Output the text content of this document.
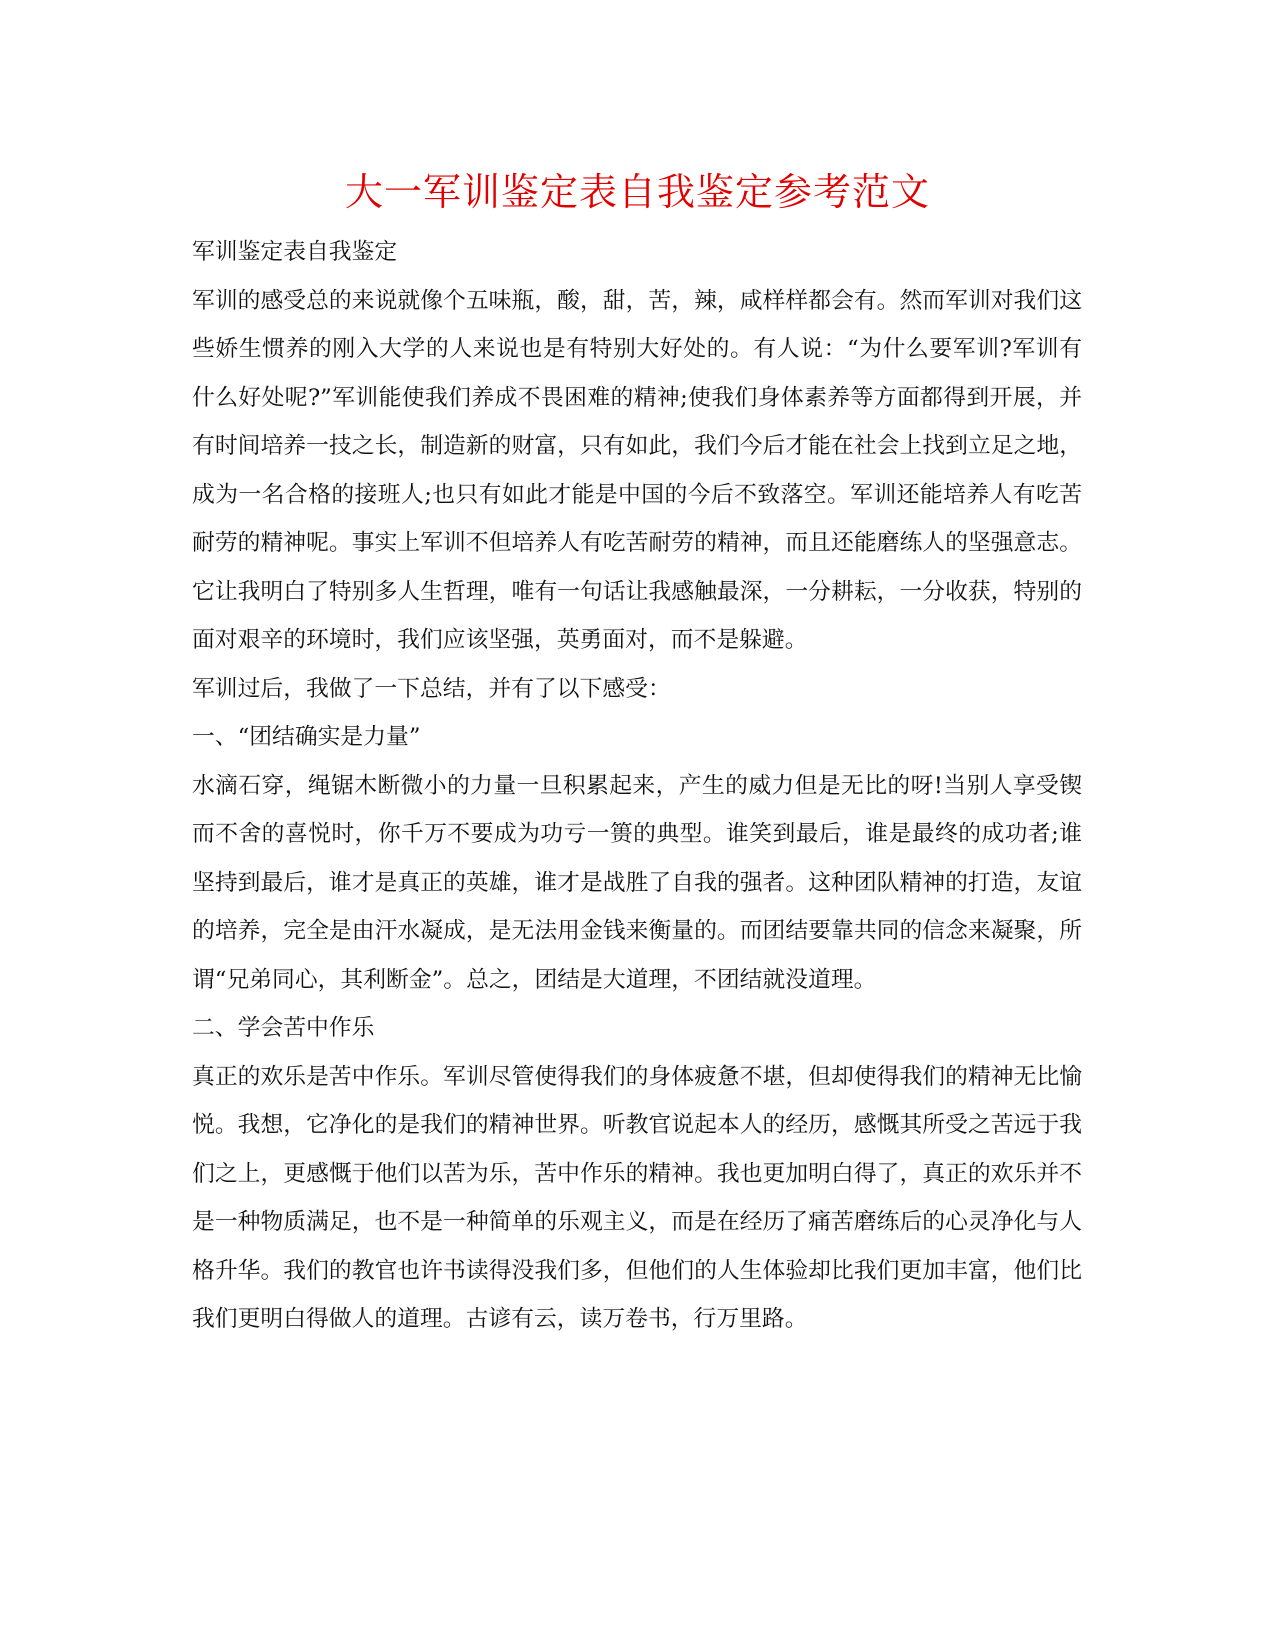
大一军训鉴定表自我鉴定参考范文

军训鉴定表自我鉴定

军训的感受总的来说就像个五味瓶，酸，甜，苦，辣，咸样样都会有。然而军训对我们这些娇生惯养的刚入大学的人来说也是有特别大好处的。有人说：“为什么要军训?军训有什么好处呢?”军训能使我们养成不畏困难的精神;使我们身体素养等方面都得到开展，并有时间培养一技之长，制造新的财富，只有如此，我们今后才能在社会上找到立足之地，成为一名合格的接班人;也只有如此才能是中国的今后不致落空。军训还能培养人有吃苦耐劳的精神呢。事实上军训不但培养人有吃苦耐劳的精神，而且还能磨练人的坚强意志。它让我明白了特别多人生哲理，唯有一句话让我感触最深，一分耕耘，一分收获，特别的面对艰辛的环境时，我们应该坚强，英勇面对，而不是躲避。

军训过后，我做了一下总结，并有了以下感受：

一、“团结确实是力量”

水滴石穿，绳锯木断微小的力量一旦积累起来，产生的威力但是无比的呀!当别人享受锲而不舍的喜悦时，你千万不要成为功亏一篑的典型。谁笑到最后，谁是最终的成功者;谁坚持到最后，谁才是真正的英雄，谁才是战胜了自我的强者。这种团队精神的打造，友谊的培养，完全是由汗水凝成，是无法用金钱来衡量的。而团结要靠共同的信念来凝聚，所谓“兄弟同心，其利断金”。总之，团结是大道理，不团结就没道理。

二、学会苦中作乐

真正的欢乐是苦中作乐。军训尽管使得我们的身体疲惫不堪，但却使得我们的精神无比愉悦。我想，它净化的是我们的精神世界。听教官说起本人的经历，感慨其所受之苦远于我们之上，更感慨于他们以苦为乐，苦中作乐的精神。我也更加明白得了，真正的欢乐并不是一种物质满足，也不是一种简单的乐观主义，而是在经历了痛苦磨练后的心灵净化与人格升华。我们的教官也许书读得没我们多，但他们的人生体验却比我们更加丰富，他们比我们更明白得做人的道理。古谚有云，读万卷书，行万里路。
